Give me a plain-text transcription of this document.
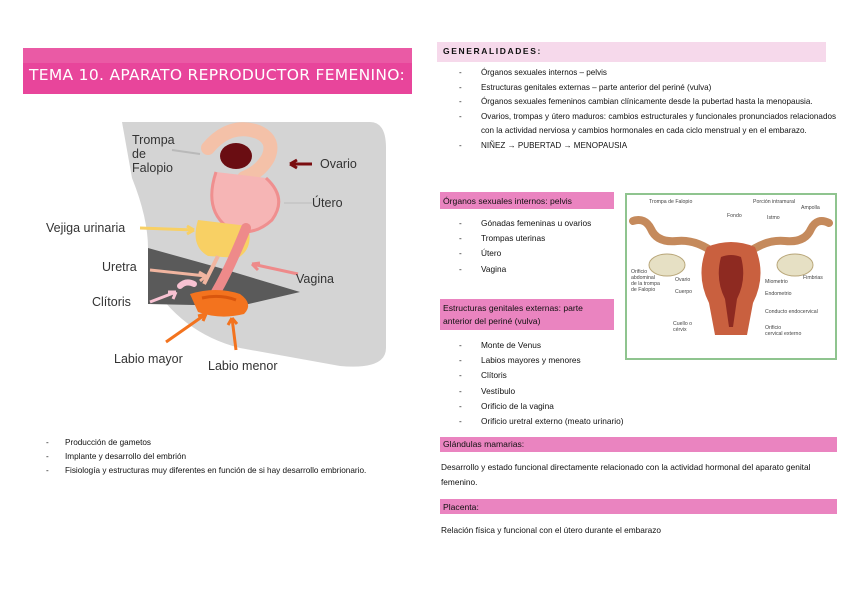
TEMA 10. APARATO REPRODUCTOR FEMENINO:
Trompa
de
Falopio	Ovario
Útero
Vejiga urinaria
Uretra
Vagina
Clítoris
Labio mayor Labio menor
- Producción de gametos
- Implante y desarrollo del embrión
- Fisiología y estructuras muy diferentes en función de si hay desarrollo embrionario.
GENERALIDADES:
- Órganos sexuales internos – pelvis
- Estructuras genitales externas – parte anterior del periné (vulva)
- Órganos sexuales femeninos cambian clínicamente desde la pubertad hasta la menopausia.
- Ovarios, trompas y útero maduros: cambios estructurales y funcionales pronunciados relacionados con la actividad nerviosa y cambios hormonales en cada ciclo menstrual y en el embarazo.
- NIÑEZ → PUBERTAD → MENOPAUSIA
Órganos sexuales internos: pelvis
- Gónadas femeninas u ovarios
- Trompas uterinas
- Útero
- Vagina
Estructuras genitales externas: parte anterior del periné (vulva)
- Monte de Venus
- Labios mayores y menores
- Clítoris
- Vestíbulo
- Orificio de la vagina
- Orificio uretral externo (meato urinario)
Glándulas mamarias:

Desarrollo y estado funcional directamente relacionado con la actividad hormonal del aparato genital femenino.

Placenta:

Relación física y funcional con el útero durante el embarazo

Trompa de Falopio	Porción intramural
Ampolla
Fondo	Istmo
Orificio
abdominal
de la trompa
de Falopio
Ovario
Cuerpo
Miometrio
Fimbrias
Endometrio
Conducto endocervical
Cuello o
cérvix	Orificio
cervical externo
